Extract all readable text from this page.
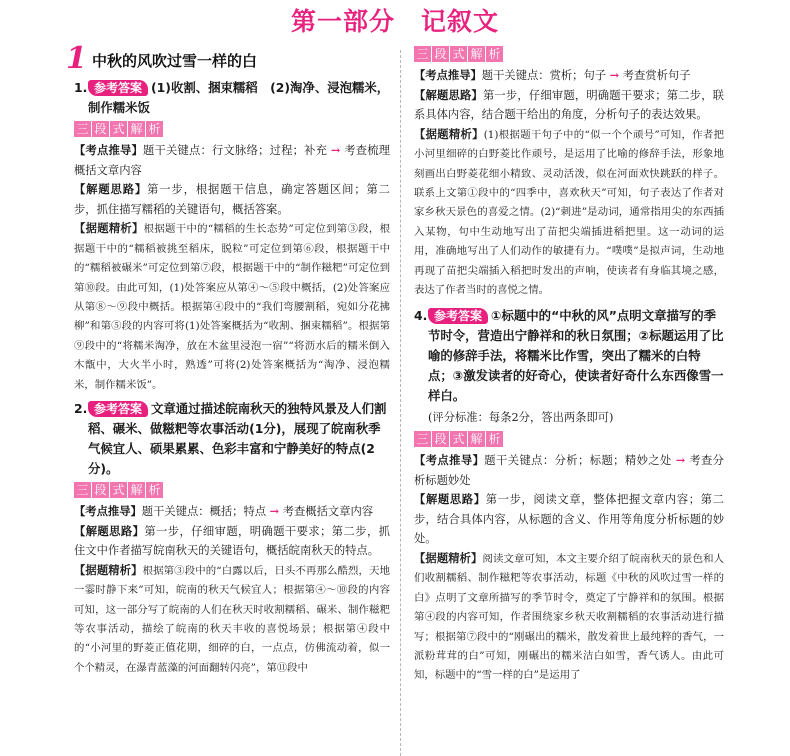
第一部分 记叙文
1 中秋的风吹过雪一样的白
1. 参考答案 (1)收割、捆束糯稻　(2)淘净、浸泡糯米，制作糯米饭
三 段 式 解 析

【考点推导】题干关键点：行文脉络；过程；补充 → 考查梳理概括文章内容

【解题思路】第一步，根据题干信息，确定答题区间；第二步，抓住描写糯稻的关键语句，概括答案。

【据题精析】根据题干中的“糯稻的生长态势”可定位到第③段，根据题干中的“糯稻被挑至稻床，脱粒”可定位到第⑥段，根据题干中的“糯稻被碾米”可定位到第⑦段，根据题干中的“制作糍粑”可定位到第⑩段。由此可知，(1)处答案应从第④～⑤段中概括，(2)处答案应从第⑧～⑨段中概括。根据第④段中的“我们弯腰割稻，宛如分花拂柳”和第⑤段的内容可将(1)处答案概括为“收割、捆束糯稻”。根据第⑨段中的“将糯米淘净，放在木盆里浸泡一宿”“将沥水后的糯米倒入木甑中，大火半小时，熟透”可将(2)处答案概括为“淘净、浸泡糯米，制作糯米饭”。

2. 参考答案 文章通过描述皖南秋天的独特风景及人们割稻、碾米、做糍粑等农事活动(1分)，展现了皖南秋季气候宜人、硕果累累、色彩丰富和宁静美好的特点(2分)。
三 段 式 解 析

【考点推导】题干关键点：概括；特点 → 考查概括文章内容

【解题思路】第一步，仔细审题，明确题干要求；第二步，抓住文中作者描写皖南秋天的关键语句，概括皖南秋天的特点。

【据题精析】根据第③段中的“白露以后，日头不再那么酷烈，天地一霎时静下来”可知，皖南的秋天气候宜人；根据第④～⑩段的内容可知，这一部分写了皖南的人们在秋天时收割糯稻、碾米、制作糍粑等农事活动，描绘了皖南的秋天丰收的喜悦场景；根据第④段中的“小河里的野菱正值花期，细碎的白，一点点，仿佛流动着，似一个个精灵，在瀑青蓝藻的河面翻转闪亮”，第⑪段中

三 段 式 解 析

【考点推导】题干关键点：赏析；句子 → 考查赏析句子

【解题思路】第一步，仔细审题，明确题干要求；第二步，联系具体内容，结合题干给出的角度，分析句子的表达效果。

【据题精析】(1)根据题干句子中的“似一个个顽号”可知，作者把小河里细碎的白野菱比作顽号，是运用了比喻的修辞手法，形象地刻画出白野菱花细小精致、灵动活泼，似在河面欢快跳跃的样子。联系上文第①段中的“四季中，喜欢秋天”可知，句子表达了作者对家乡秋天景色的喜爱之情。(2)“刺进”是动词，通常指用尖的东西插入某物，句中生动地写出了苗把尖端插进稻把里。这一动词的运用，准确地写出了人们动作的敏捷有力。“噗噗”是拟声词，生动地再现了苗把尖端插入稻把时发出的声响，使读者有身临其境之感，表达了作者当时的喜悦之情。

4. 参考答案 ①标题中的“中秋的风”点明文章描写的季节时令，营造出宁静祥和的秋日氛围；②标题运用了比喻的修辞手法，将糯米比作雪，突出了糯米的白特点；③激发读者的好奇心，使读者好奇什么东西像雪一样白。

(评分标准：每条2分，答出两条即可)

三 段 式 解 析

【考点推导】题干关键点：分析；标题；精妙之处 → 考查分析标题妙处

【解题思路】第一步，阅读文章，整体把握文章内容；第二步，结合具体内容，从标题的含义、作用等角度分析标题的妙处。

【据题精析】阅读文章可知，本文主要介绍了皖南秋天的景色和人们收割糯稻、制作糍粑等农事活动，标题《中秋的风吹过雪一样的白》点明了文章所描写的季节时令，奠定了宁静祥和的氛围。根据第④段的内容可知，作者围绕家乡秋天收割糯稻的农事活动进行描写；根据第⑦段中的“刚碾出的糯米，散发着世上最纯粹的香气，一派粉茸茸的白”可知，刚碾出的糯米洁白如雪，香气诱人。由此可知，标题中的“雪一样的白”是运用了
